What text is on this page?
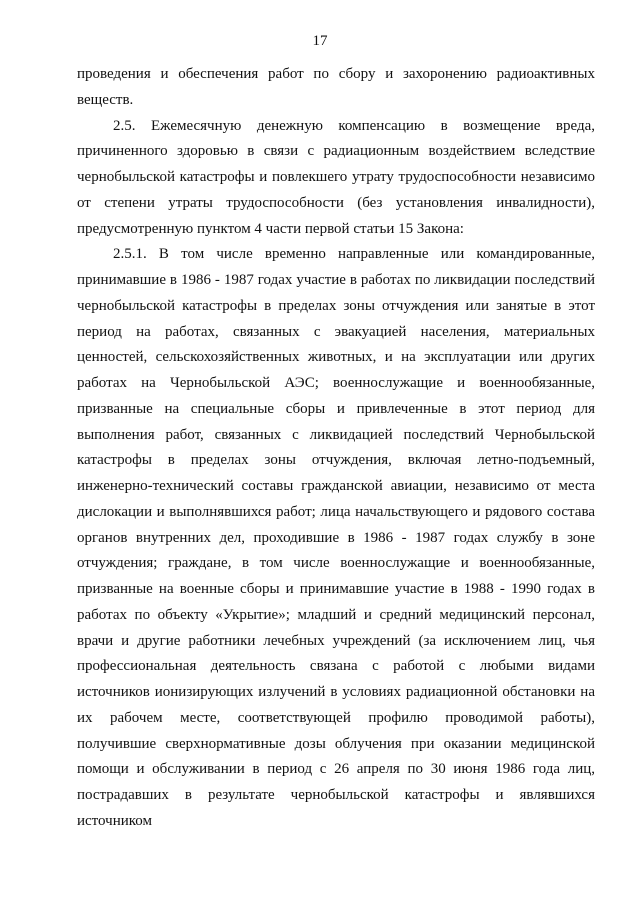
17

проведения и обеспечения работ по сбору и захоронению радиоактивных веществ.

2.5. Ежемесячную денежную компенсацию в возмещение вреда, причиненного здоровью в связи с радиационным воздействием вследствие чернобыльской катастрофы и повлекшего утрату трудоспособности независимо от степени утраты трудоспособности (без установления инвалидности), предусмотренную пунктом 4 части первой статьи 15 Закона:

2.5.1. В том числе временно направленные или командированные, принимавшие в 1986 - 1987 годах участие в работах по ликвидации последствий чернобыльской катастрофы в пределах зоны отчуждения или занятые в этот период на работах, связанных с эвакуацией населения, материальных ценностей, сельскохозяйственных животных, и на эксплуатации или других работах на Чернобыльской АЭС; военнослужащие и военнообязанные, призванные на специальные сборы и привлеченные в этот период для выполнения работ, связанных с ликвидацией последствий Чернобыльской катастрофы в пределах зоны отчуждения, включая летно-подъемный, инженерно-технический составы гражданской авиации, независимо от места дислокации и выполнявшихся работ; лица начальствующего и рядового состава органов внутренних дел, проходившие в 1986 - 1987 годах службу в зоне отчуждения; граждане, в том числе военнослужащие и военнообязанные, призванные на военные сборы и принимавшие участие в 1988 - 1990 годах в работах по объекту «Укрытие»; младший и средний медицинский персонал, врачи и другие работники лечебных учреждений (за исключением лиц, чья профессиональная деятельность связана с работой с любыми видами источников ионизирующих излучений в условиях радиационной обстановки на их рабочем месте, соответствующей профилю проводимой работы), получившие сверхнормативные дозы облучения при оказании медицинской помощи и обслуживании в период с 26 апреля по 30 июня 1986 года лиц, пострадавших в результате чернобыльской катастрофы и являвшихся источником
